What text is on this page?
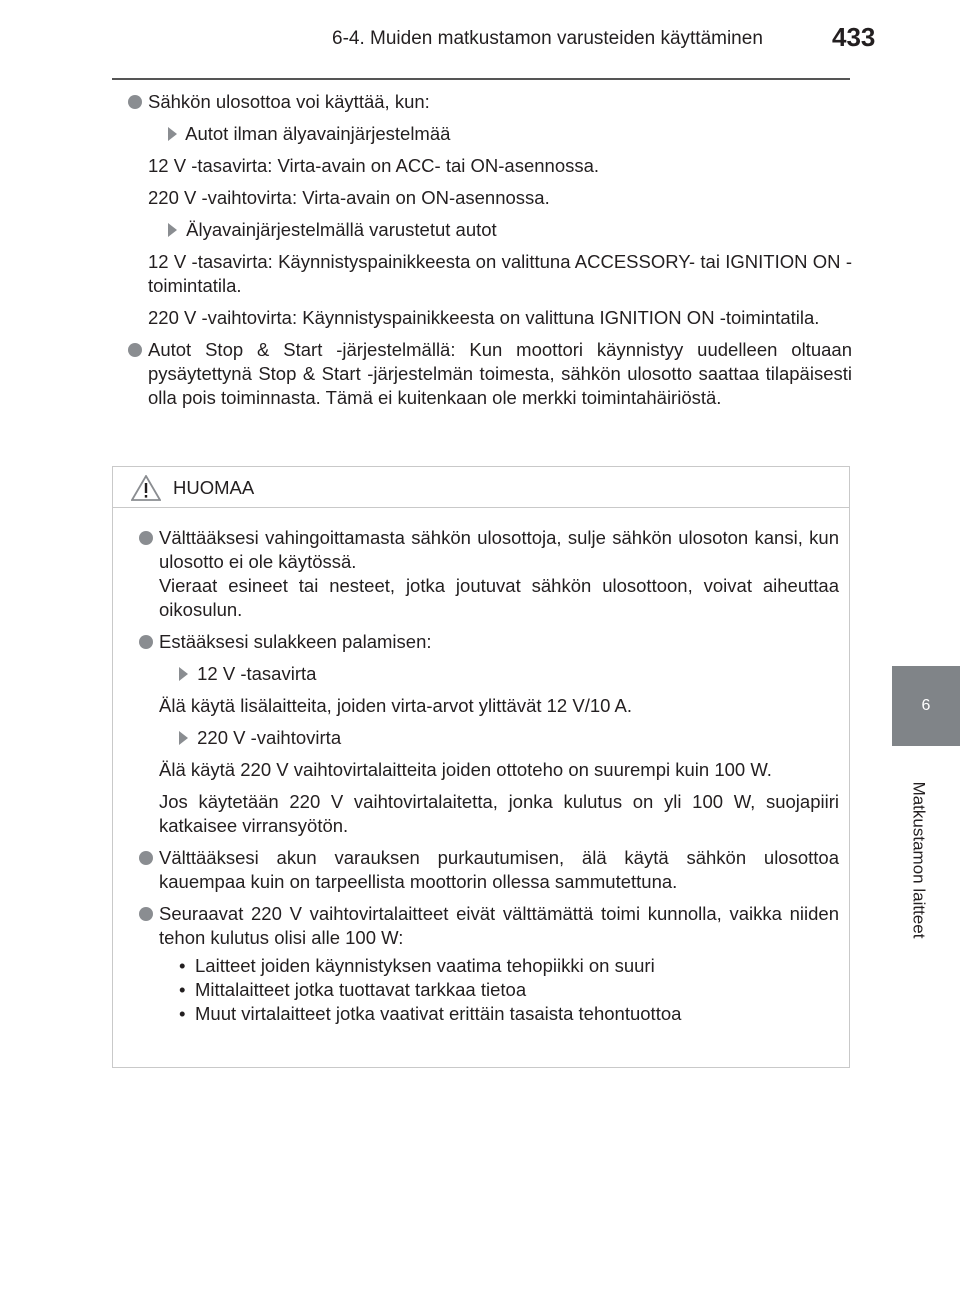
6-4. Muiden matkustamon varusteiden käyttäminen	433
6
Matkustamon laitteet
Sähkön ulosottoa voi käyttää, kun:
Autot ilman älyavainjärjestelmää
12 V -tasavirta: Virta-avain on ACC- tai ON-asennossa.
220 V -vaihtovirta: Virta-avain on ON-asennossa.
Älyavainjärjestelmällä varustetut autot
12 V -tasavirta: Käynnistyspainikkeesta on valittuna ACCESSORY- tai IGNITION ON -toimintatila.
220 V -vaihtovirta: Käynnistyspainikkeesta on valittuna IGNITION ON -toimintatila.
Autot Stop & Start -järjestelmällä: Kun moottori käynnistyy uudelleen oltuaan pysäytettynä Stop & Start -järjestelmän toimesta, sähkön ulosotto saattaa tilapäisesti olla pois toiminnasta. Tämä ei kuitenkaan ole merkki toimintahäiriöstä.
HUOMAA
Välttääksesi vahingoittamasta sähkön ulosottoja, sulje sähkön ulosoton kansi, kun ulosotto ei ole käytössä.
Vieraat esineet tai nesteet, jotka joutuvat sähkön ulosottoon, voivat aiheuttaa oikosulun.
Estääksesi sulakkeen palamisen:
12 V -tasavirta
Älä käytä lisälaitteita, joiden virta-arvot ylittävät 12 V/10 A.
220 V -vaihtovirta
Älä käytä 220 V vaihtovirtalaitteita joiden ottoteho on suurempi kuin 100 W.
Jos käytetään 220 V vaihtovirtalaitetta, jonka kulutus on yli 100 W, suojapiiri katkaisee virransyötön.
Välttääksesi akun varauksen purkautumisen, älä käytä sähkön ulosottoa kauempaa kuin on tarpeellista moottorin ollessa sammutettuna.
Seuraavat 220 V vaihtovirtalaitteet eivät välttämättä toimi kunnolla, vaikka niiden tehon kulutus olisi alle 100 W:
• Laitteet joiden käynnistyksen vaatima tehopiikki on suuri
• Mittalaitteet jotka tuottavat tarkkaa tietoa
• Muut virtalaitteet jotka vaativat erittäin tasaista tehontuottoa
